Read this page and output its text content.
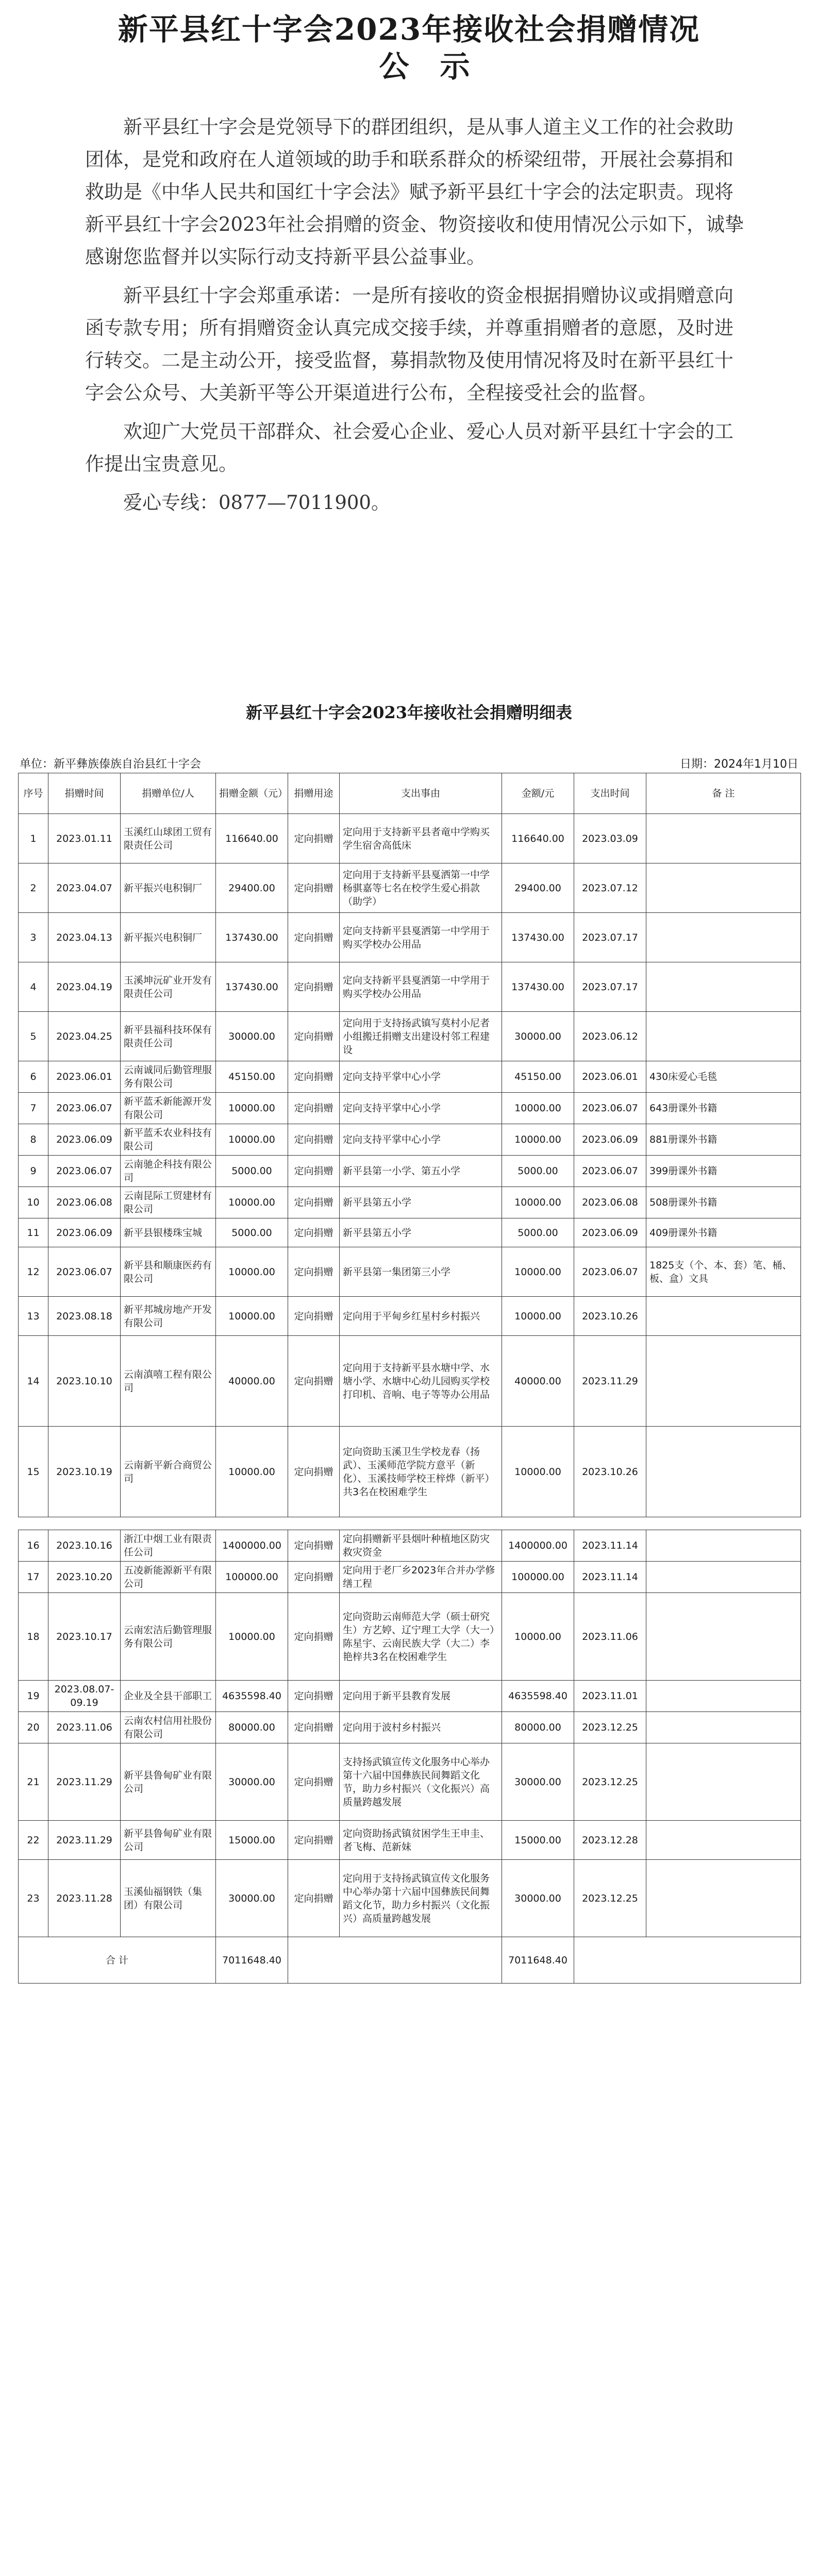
新平县红十字会2023年接收社会捐赠情况
公示

新平县红十字会是党领导下的群团组织，是从事人道主义工作的社会救助团体，是党和政府在人道领域的助手和联系群众的桥梁纽带，开展社会募捐和救助是《中华人民共和国红十字会法》赋予新平县红十字会的法定职责。现将新平县红十字会2023年社会捐赠的资金、物资接收和使用情况公示如下，诚挚感谢您监督并以实际行动支持新平县公益事业。

新平县红十字会郑重承诺：一是所有接收的资金根据捐赠协议或捐赠意向函专款专用；所有捐赠资金认真完成交接手续，并尊重捐赠者的意愿，及时进行转交。二是主动公开，接受监督，募捐款物及使用情况将及时在新平县红十字会公众号、大美新平等公开渠道进行公布，全程接受社会的监督。

欢迎广大党员干部群众、社会爱心企业、爱心人员对新平县红十字会的工作提出宝贵意见。

爱心专线：0877—7011900。

新平县红十字会2023年接收社会捐赠明细表
单位：新平彝族傣族自治县红十字会	日期：2024年1月10日
序号	捐赠时间	捐赠单位/人	捐赠金额（元）	捐赠用途	支出事由	金额/元	支出时间	备 注
1	2023.01.11	玉溪红山球团工贸有限责任公司	116640.00	定向捐赠	定向用于支持新平县者竜中学购买学生宿舍高低床	116640.00	2023.03.09	
2	2023.04.07	新平振兴电积铜厂	29400.00	定向捐赠	定向用于支持新平县戛洒第一中学杨骐嘉等七名在校学生爱心捐款（助学）	29400.00	2023.07.12	
3	2023.04.13	新平振兴电积铜厂	137430.00	定向捐赠	定向支持新平县戛洒第一中学用于购买学校办公用品	137430.00	2023.07.17	
4	2023.04.19	玉溪坤沅矿业开发有限责任公司	137430.00	定向捐赠	定向支持新平县戛洒第一中学用于购买学校办公用品	137430.00	2023.07.17	
5	2023.04.25	新平县福科技环保有限责任公司	30000.00	定向捐赠	定向用于支持扬武镇写莫村小尼者小组搬迁捐赠支出建设村邻工程建设	30000.00	2023.06.12	
6	2023.06.01	云南诚同后勤管理服务有限公司	45150.00	定向捐赠	定向支持平掌中心小学	45150.00	2023.06.01	430床爱心毛毯
7	2023.06.07	新平蓝禾新能源开发有限公司	10000.00	定向捐赠	定向支持平掌中心小学	10000.00	2023.06.07	643册课外书籍
8	2023.06.09	新平蓝禾农业科技有限公司	10000.00	定向捐赠	定向支持平掌中心小学	10000.00	2023.06.09	881册课外书籍
9	2023.06.07	云南驰企科技有限公司	5000.00	定向捐赠	新平县第一小学、第五小学	5000.00	2023.06.07	399册课外书籍
10	2023.06.08	云南昆际工贸建材有限公司	10000.00	定向捐赠	新平县第五小学	10000.00	2023.06.08	508册课外书籍
11	2023.06.09	新平县银楼珠宝城	5000.00	定向捐赠	新平县第五小学	5000.00	2023.06.09	409册课外书籍
12	2023.06.07	新平县和顺康医药有限公司	10000.00	定向捐赠	新平县第一集团第三小学	10000.00	2023.06.07	1825支（个、本、套）笔、桶、板、盒）文具
13	2023.08.18	新平邦城房地产开发有限公司	10000.00	定向捐赠	定向用于平甸乡红星村乡村振兴	10000.00	2023.10.26	
14	2023.10.10	云南滇嘻工程有限公司	40000.00	定向捐赠	定向用于支持新平县水塘中学、水塘小学、水塘中心幼儿园购买学校打印机、音响、电子等等办公用品	40000.00	2023.11.29	
15	2023.10.19	云南新平新合商贸公司	10000.00	定向捐赠	定向资助玉溪卫生学校龙春（扬武）、玉溪师范学院方意平（新化）、玉溪技师学校王梓烨（新平）共3名在校困难学生	10000.00	2023.10.26	

16	2023.10.16	浙江中烟工业有限责任公司	1400000.00	定向捐赠	定向捐赠新平县烟叶种植地区防灾救灾资金	1400000.00	2023.11.14	
17	2023.10.20	五凌新能源新平有限公司	100000.00	定向捐赠	定向用于老厂乡2023年合并办学修缮工程	100000.00	2023.11.14	
18	2023.10.17	云南宏洁后勤管理服务有限公司	10000.00	定向捐赠	定向资助云南师范大学（硕士研究生）方艺婷、辽宁理工大学（大一）陈星宇、云南民族大学（大二）李艳梓共3名在校困难学生	10000.00	2023.11.06	
19	2023.08.07-09.19	企业及全县干部职工	4635598.40	定向捐赠	定向用于新平县教育发展	4635598.40	2023.11.01	
20	2023.11.06	云南农村信用社股份有限公司	80000.00	定向捐赠	定向用于波村乡村振兴	80000.00	2023.12.25	
21	2023.11.29	新平县鲁甸矿业有限公司	30000.00	定向捐赠	支持扬武镇宣传文化服务中心举办第十六届中国彝族民间舞蹈文化节，助力乡村振兴（文化振兴）高质量跨越发展	30000.00	2023.12.25	
22	2023.11.29	新平县鲁甸矿业有限公司	15000.00	定向捐赠	定向资助扬武镇贫困学生王申圭、者飞梅、范新妹	15000.00	2023.12.28	
23	2023.11.28	玉溪仙福钢铁（集团）有限公司	30000.00	定向捐赠	定向用于支持扬武镇宣传文化服务中心举办第十六届中国彝族民间舞蹈文化节，助力乡村振兴（文化振兴）高质量跨越发展	30000.00	2023.12.25	
合 计			7011648.40			7011648.40		
